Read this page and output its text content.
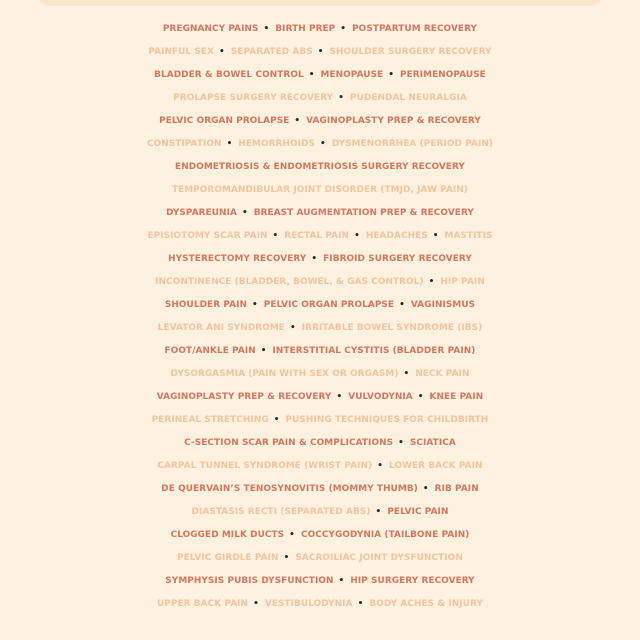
PREGNANCY PAINS • BIRTH PREP • POSTPARTUM RECOVERY
PAINFUL SEX • SEPARATED ABS • SHOULDER SURGERY RECOVERY
BLADDER & BOWEL CONTROL • MENOPAUSE • PERIMENOPAUSE
PROLAPSE SURGERY RECOVERY • PUDENDAL NEURALGIA
PELVIC ORGAN PROLAPSE • VAGINOPLASTY PREP & RECOVERY
CONSTIPATION • HEMORRHOIDS • DYSMENORRHEA (PERIOD PAIN)
ENDOMETRIOSIS & ENDOMETRIOSIS SURGERY RECOVERY
TEMPOROMANDIBULAR JOINT DISORDER (TMJD, JAW PAIN)
DYSPAREUNIA • BREAST AUGMENTATION PREP & RECOVERY
EPISIOTOMY SCAR PAIN • RECTAL PAIN • HEADACHES • MASTITIS
HYSTERECTOMY RECOVERY • FIBROID SURGERY RECOVERY
INCONTINENCE (BLADDER, BOWEL, & GAS CONTROL) • HIP PAIN
SHOULDER PAIN • PELVIC ORGAN PROLAPSE • VAGINISMUS
LEVATOR ANI SYNDROME • IRRITABLE BOWEL SYNDROME (IBS)
FOOT/ANKLE PAIN • INTERSTITIAL CYSTITIS (BLADDER PAIN)
DYSORGASMIA (PAIN WITH SEX OR ORGASM) • NECK PAIN
VAGINOPLASTY PREP & RECOVERY • VULVODYNIA • KNEE PAIN
PERINEAL STRETCHING • PUSHING TECHNIQUES FOR CHILDBIRTH
C-SECTION SCAR PAIN & COMPLICATIONS • SCIATICA
CARPAL TUNNEL SYNDROME (WRIST PAIN) • LOWER BACK PAIN
DE QUERVAIN’S TENOSYNOVITIS (MOMMY THUMB) • RIB PAIN
DIASTASIS RECTI (SEPARATED ABS) • PELVIC PAIN
CLOGGED MILK DUCTS • COCCYGODYNIA (TAILBONE PAIN)
PELVIC GIRDLE PAIN • SACROILIAC JOINT DYSFUNCTION
SYMPHYSIS PUBIS DYSFUNCTION • HIP SURGERY RECOVERY
UPPER BACK PAIN • VESTIBULODYNIA • BODY ACHES & INJURY
